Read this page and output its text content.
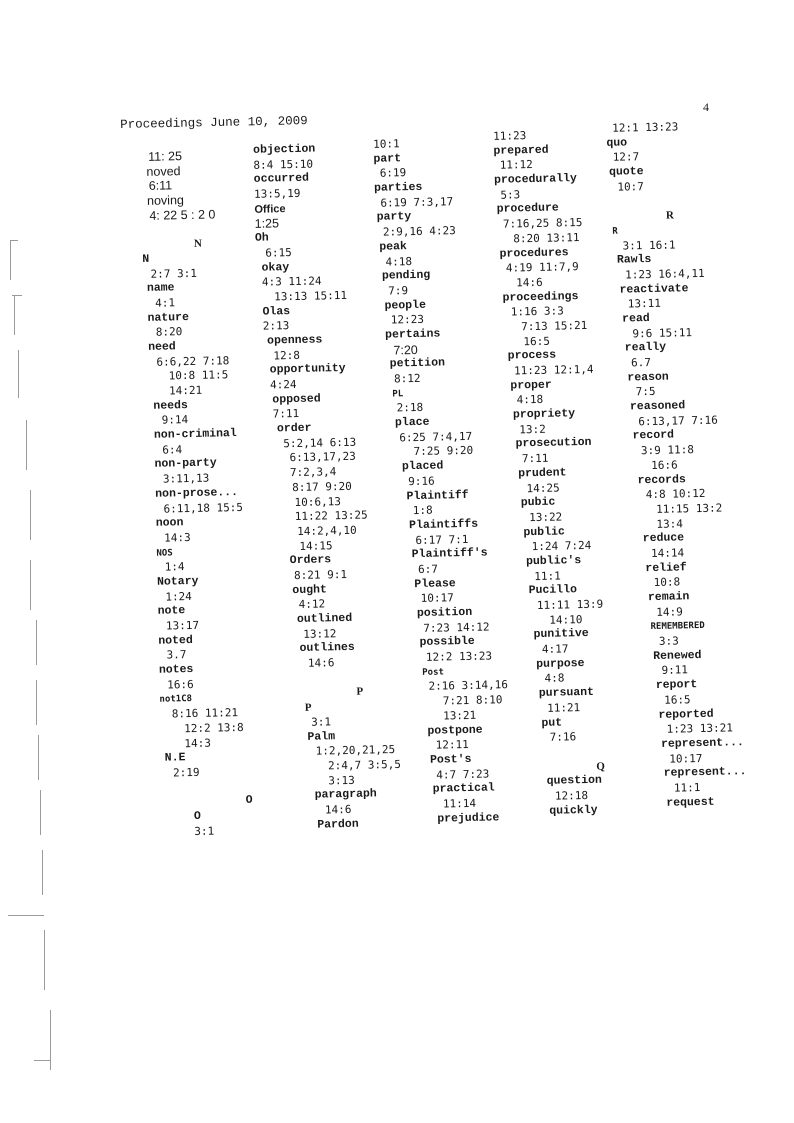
4
Proceedings June 10, 2009
11: 25
noved
6:11
noving
4: 22 5 : 2 0
N
N
2:7 3:1
name
4:1
nature
8:20
need
6:6,22 7:18
10:8 11:5
14:21
needs
9:14
non-criminal
6:4
non-party
3:11,13
non-prose...
6:11,18 15:5
noon
14:3
NOS
1:4
Notary
1:24
note
13:17
noted
3.7
notes
16:6
not1C8
8:16 11:21
12:2 13:8
14:3
N.E
2:19
O
O
3:1
objection
8:4 15:10
occurred
13:5,19
Office
1:25
Oh
6:15
okay
4:3 11:24
13:13 15:11
Olas
2:13
openness
12:8
opportunity
4:24
opposed
7:11
order
5:2,14 6:13
6:13,17,23
7:2,3,4
8:17 9:20
10:6,13
11:22 13:25
14:2,4,10
14:15
Orders
8:21 9:1
ought
4:12
outlined
13:12
outlines
14:6
P
P
3:1
Palm
1:2,20,21,25
2:4,7 3:5,5
3:13
paragraph
14:6
Pardon
10:1
part
6:19
parties
6:19 7:3,17
party
2:9,16 4:23
peak
4:18
pending
7:9
people
12:23
pertains
7:20
petition
8:12
PL
2:18
place
6:25 7:4,17
7:25 9:20
placed
9:16
Plaintiff
1:8
Plaintiffs
6:17 7:1
Plaintiff's
6:7
Please
10:17
position
7:23 14:12
possible
12:2 13:23
Post
2:16 3:14,16
7:21 8:10
13:21
postpone
12:11
Post's
4:7 7:23
practical
11:14
prejudice
11:23
prepared
11:12
procedurally
5:3
procedure
7:16,25 8:15
8:20 13:11
procedures
4:19 11:7,9
14:6
proceedings
1:16 3:3
7:13 15:21
16:5
process
11:23 12:1,4
proper
4:18
propriety
13:2
prosecution
7:11
prudent
14:25
pubic
13:22
public
1:24 7:24
public's
11:1
Pucillo
11:11 13:9
14:10
punitive
4:17
purpose
4:8
pursuant
11:21
put
7:16
Q
question
12:18
quickly
12:1 13:23
quo
12:7
quote
10:7
R
R
3:1 16:1
Rawls
1:23 16:4,11
reactivate
13:11
read
9:6 15:11
really
6.7
reason
7:5
reasoned
6:13,17 7:16
record
3:9 11:8
16:6
records
4:8 10:12
11:15 13:2
13:4
reduce
14:14
relief
10:8
remain
14:9
REMEMBERED
3:3
Renewed
9:11
report
16:5
reported
1:23 13:21
represent...
10:17
represent...
11:1
request
